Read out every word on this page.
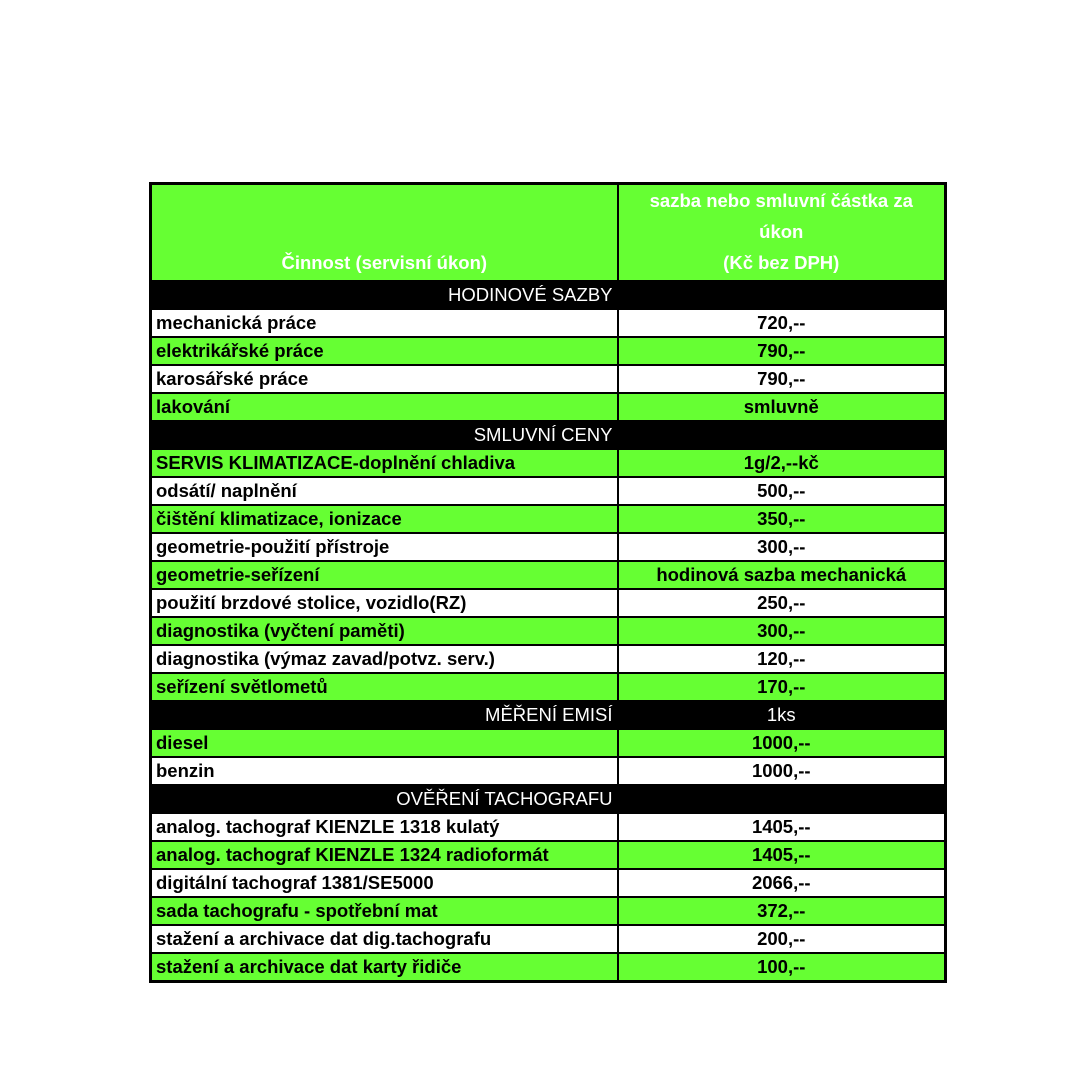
Činnost (servisní úkon)	sazba nebo smluvní částka za
úkon
(Kč bez DPH)

HODINOVÉ SAZBY	
mechanická práce	720,--
elektrikářské práce	790,--
karosářské práce	790,--
lakování	smluvně
SMLUVNÍ CENY	
SERVIS KLIMATIZACE-doplnění chladiva	1g/2,--kč
odsátí/ naplnění	500,--
čištění klimatizace, ionizace	350,--
geometrie-použití přístroje	300,--
geometrie-seřízení	hodinová sazba mechanická
použití brzdové stolice, vozidlo(RZ)	250,--
diagnostika (vyčtení paměti)	300,--
diagnostika (výmaz zavad/potvz. serv.)	120,--
seřízení světlometů	170,--
MĚŘENÍ EMISÍ	1ks
diesel	1000,--
benzin	1000,--
OVĚŘENÍ TACHOGRAFU	
analog. tachograf KIENZLE 1318 kulatý	1405,--
analog. tachograf KIENZLE 1324 radioformát	1405,--
digitální tachograf 1381/SE5000	2066,--
sada tachografu - spotřební mat	372,--
stažení a archivace dat dig.tachografu	200,--
stažení a archivace dat karty řidiče	100,--
